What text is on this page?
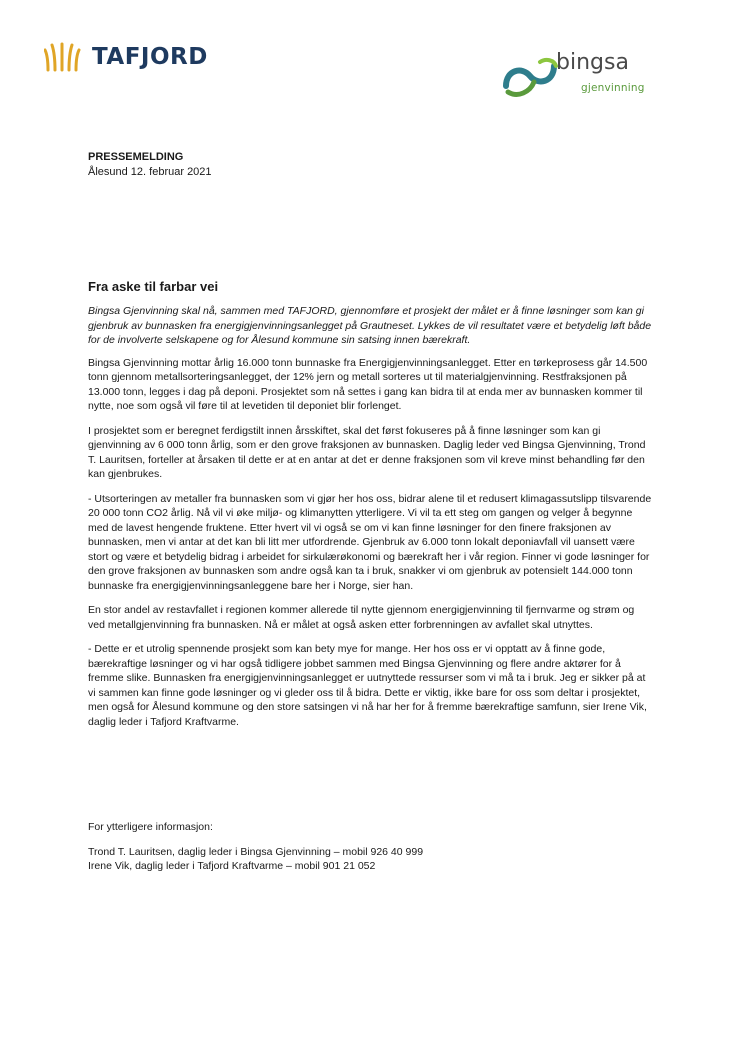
TAFJORD	bingsa
gjenvinning
PRESSEMELDING
Ålesund 12. februar 2021
Fra aske til farbar vei

Bingsa Gjenvinning skal nå, sammen med TAFJORD, gjennomføre et prosjekt der målet er å finne løsninger som kan gi gjenbruk av bunnasken fra energigjenvinningsanlegget på Grautneset. Lykkes de vil resultatet være et betydelig løft både for de involverte selskapene og for Ålesund kommune sin satsing innen bærekraft.

Bingsa Gjenvinning mottar årlig 16.000 tonn bunnaske fra Energigjenvinningsanlegget. Etter en tørkeprosess går 14.500 tonn gjennom metallsorteringsanlegget, der 12% jern og metall sorteres ut til materialgjenvinning. Restfraksjonen på 13.000 tonn, legges i dag på deponi. Prosjektet som nå settes i gang kan bidra til at enda mer av bunnasken kommer til nytte, noe som også vil føre til at levetiden til deponiet blir forlenget.

I prosjektet som er beregnet ferdigstilt innen årsskiftet, skal det først fokuseres på å finne løsninger som kan gi gjenvinning av 6 000 tonn årlig, som er den grove fraksjonen av bunnasken. Daglig leder ved Bingsa Gjenvinning, Trond T. Lauritsen, forteller at årsaken til dette er at en antar at det er denne fraksjonen som vil kreve minst behandling før den kan gjenbrukes.

- Utsorteringen av metaller fra bunnasken som vi gjør her hos oss, bidrar alene til et redusert klimagassutslipp tilsvarende 20 000 tonn CO2 årlig. Nå vil vi øke miljø- og klimanytten ytterligere. Vi vil ta ett steg om gangen og velger å begynne med de lavest hengende fruktene. Etter hvert vil vi også se om vi kan finne løsninger for den finere fraksjonen av bunnasken, men vi antar at det kan bli litt mer utfordrende. Gjenbruk av 6.000 tonn lokalt deponiavfall vil uansett være stort og være et betydelig bidrag i arbeidet for sirkulærøkonomi og bærekraft her i vår region. Finner vi gode løsninger for den grove fraksjonen av bunnasken som andre også kan ta i bruk, snakker vi om gjenbruk av potensielt 144.000 tonn bunnaske fra energigjenvinningsanleggene bare her i Norge, sier han.

En stor andel av restavfallet i regionen kommer allerede til nytte gjennom energigjenvinning til fjernvarme og strøm og ved metallgjenvinning fra bunnasken. Nå er målet at også asken etter forbrenningen av avfallet skal utnyttes.

- Dette er et utrolig spennende prosjekt som kan bety mye for mange. Her hos oss er vi opptatt av å finne gode, bærekraftige løsninger og vi har også tidligere jobbet sammen med Bingsa Gjenvinning og flere andre aktører for å fremme slike. Bunnasken fra energigjenvinningsanlegget er uutnyttede ressurser som vi må ta i bruk. Jeg er sikker på at vi sammen kan finne gode løsninger og vi gleder oss til å bidra. Dette er viktig, ikke bare for oss som deltar i prosjektet, men også for Ålesund kommune og den store satsingen vi nå har her for å fremme bærekraftige samfunn, sier Irene Vik, daglig leder i Tafjord Kraftvarme.

For ytterligere informasjon:

Trond T. Lauritsen, daglig leder i Bingsa Gjenvinning – mobil 926 40 999

Irene Vik, daglig leder i Tafjord Kraftvarme – mobil 901 21 052
